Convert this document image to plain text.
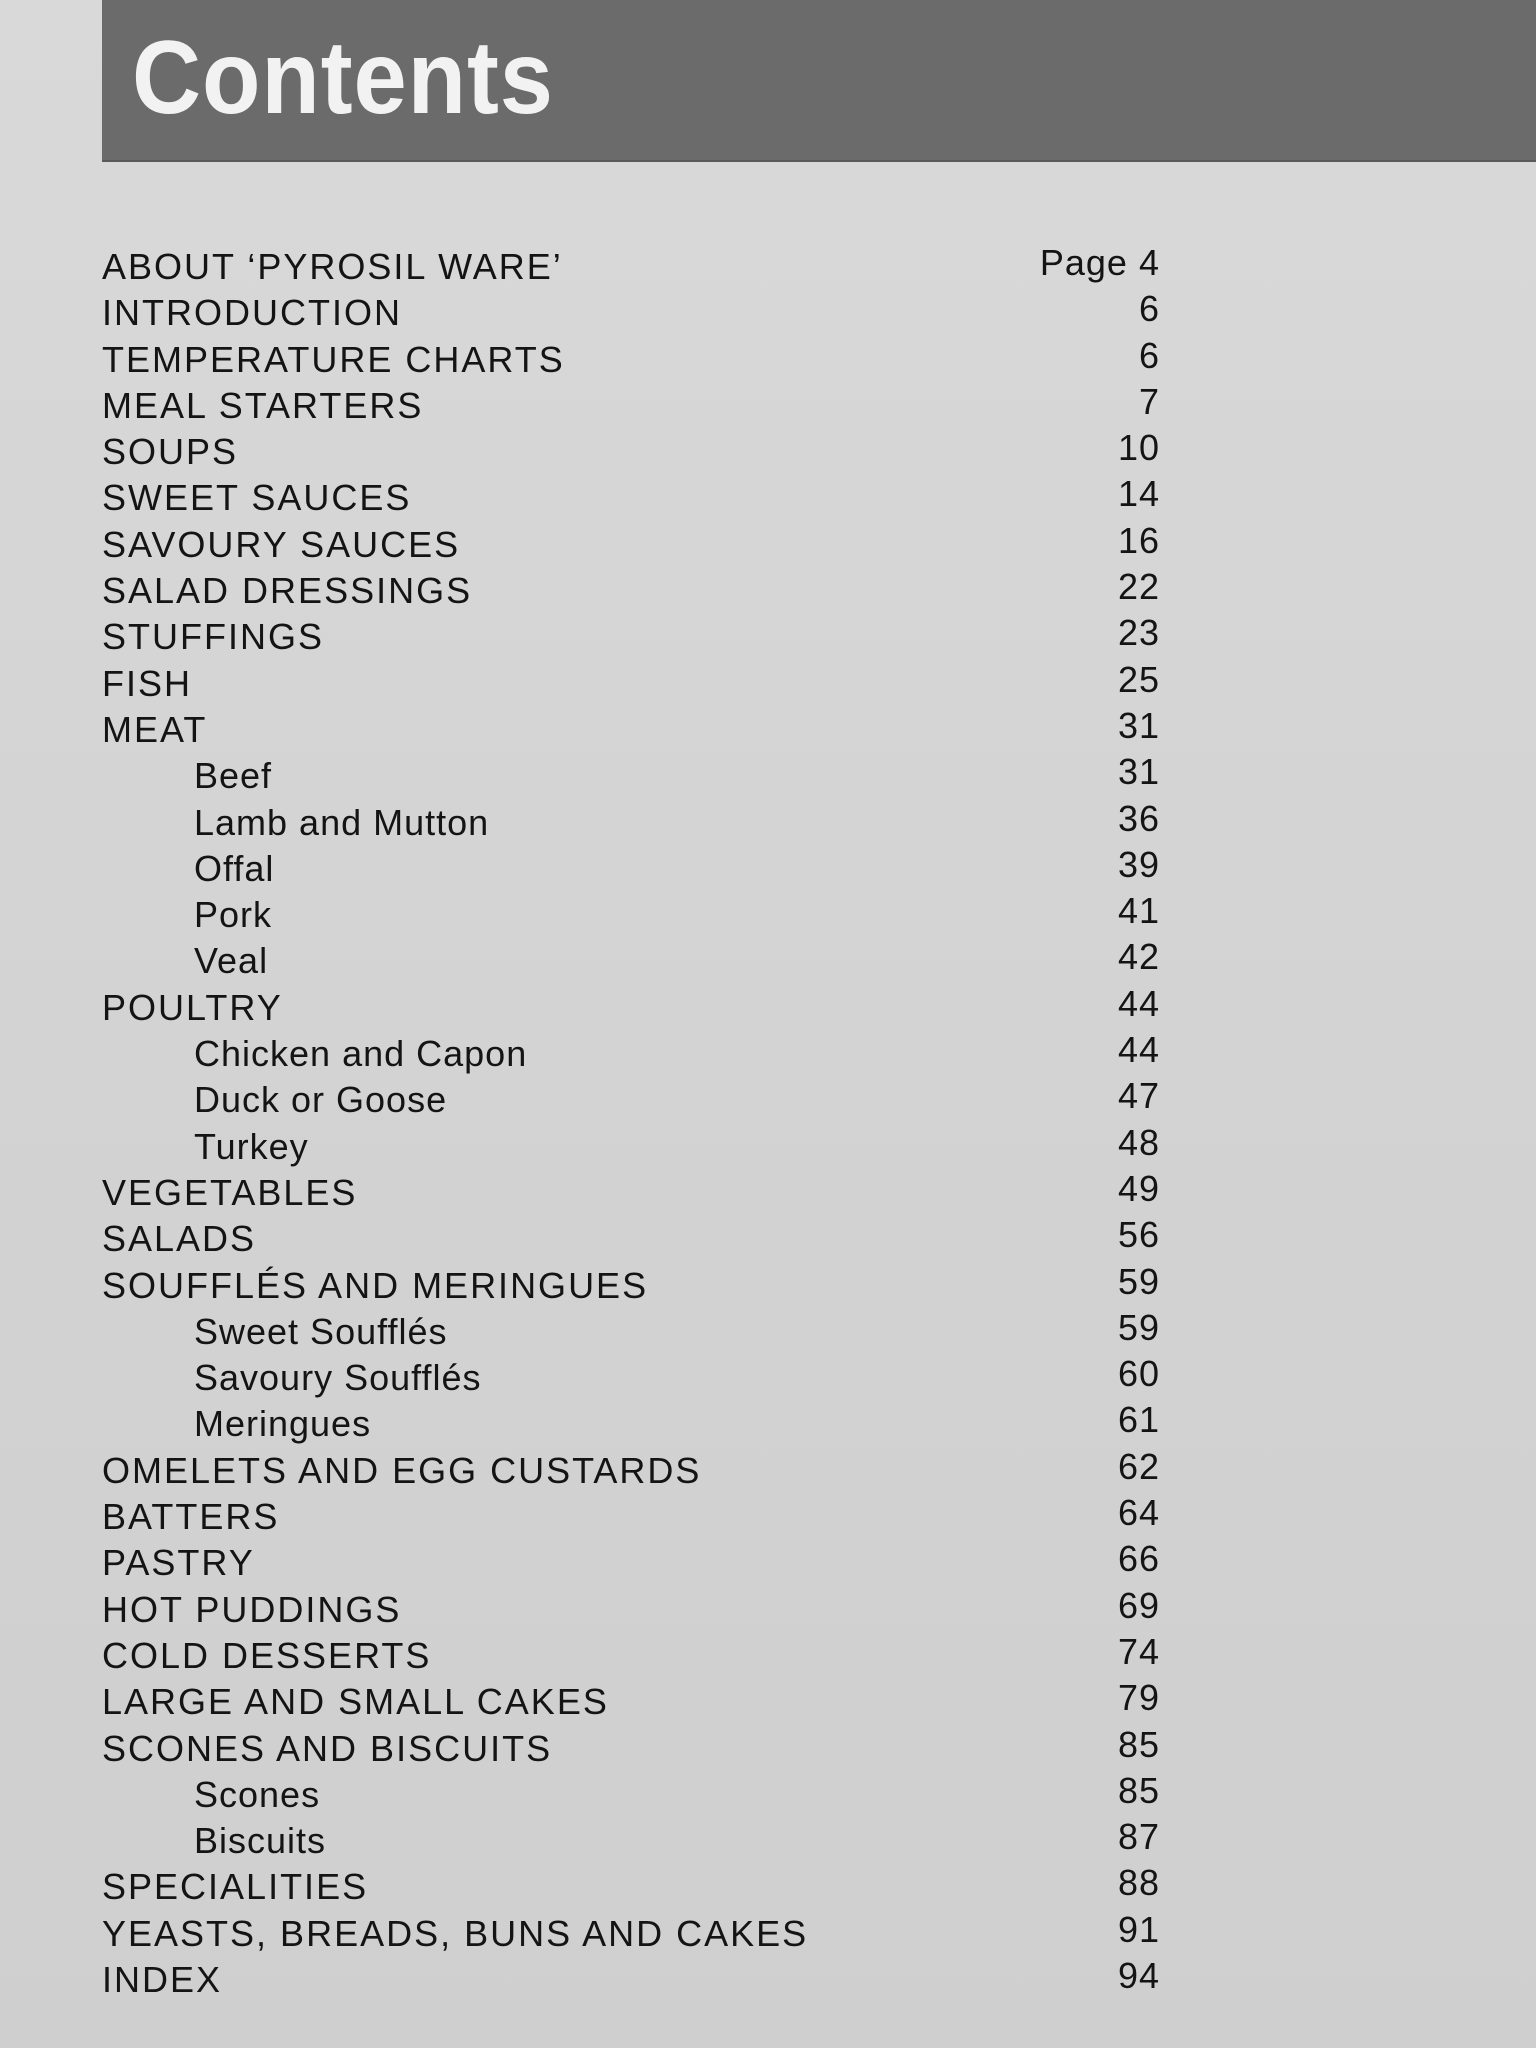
Contents
ABOUT ‘PYROSIL WARE’	Page 4
INTRODUCTION	6
TEMPERATURE CHARTS	6
MEAL STARTERS	7
SOUPS	10
SWEET SAUCES	14
SAVOURY SAUCES	16
SALAD DRESSINGS	22
STUFFINGS	23
FISH	25
MEAT	31
Beef	31
Lamb and Mutton	36
Offal	39
Pork	41
Veal	42
POULTRY	44
Chicken and Capon	44
Duck or Goose	47
Turkey	48
VEGETABLES	49
SALADS	56
SOUFFLÉS AND MERINGUES	59
Sweet Soufflés	59
Savoury Soufflés	60
Meringues	61
OMELETS AND EGG CUSTARDS	62
BATTERS	64
PASTRY	66
HOT PUDDINGS	69
COLD DESSERTS	74
LARGE AND SMALL CAKES	79
SCONES AND BISCUITS	85
Scones	85
Biscuits	87
SPECIALITIES	88
YEASTS, BREADS, BUNS AND CAKES	91
INDEX	94
